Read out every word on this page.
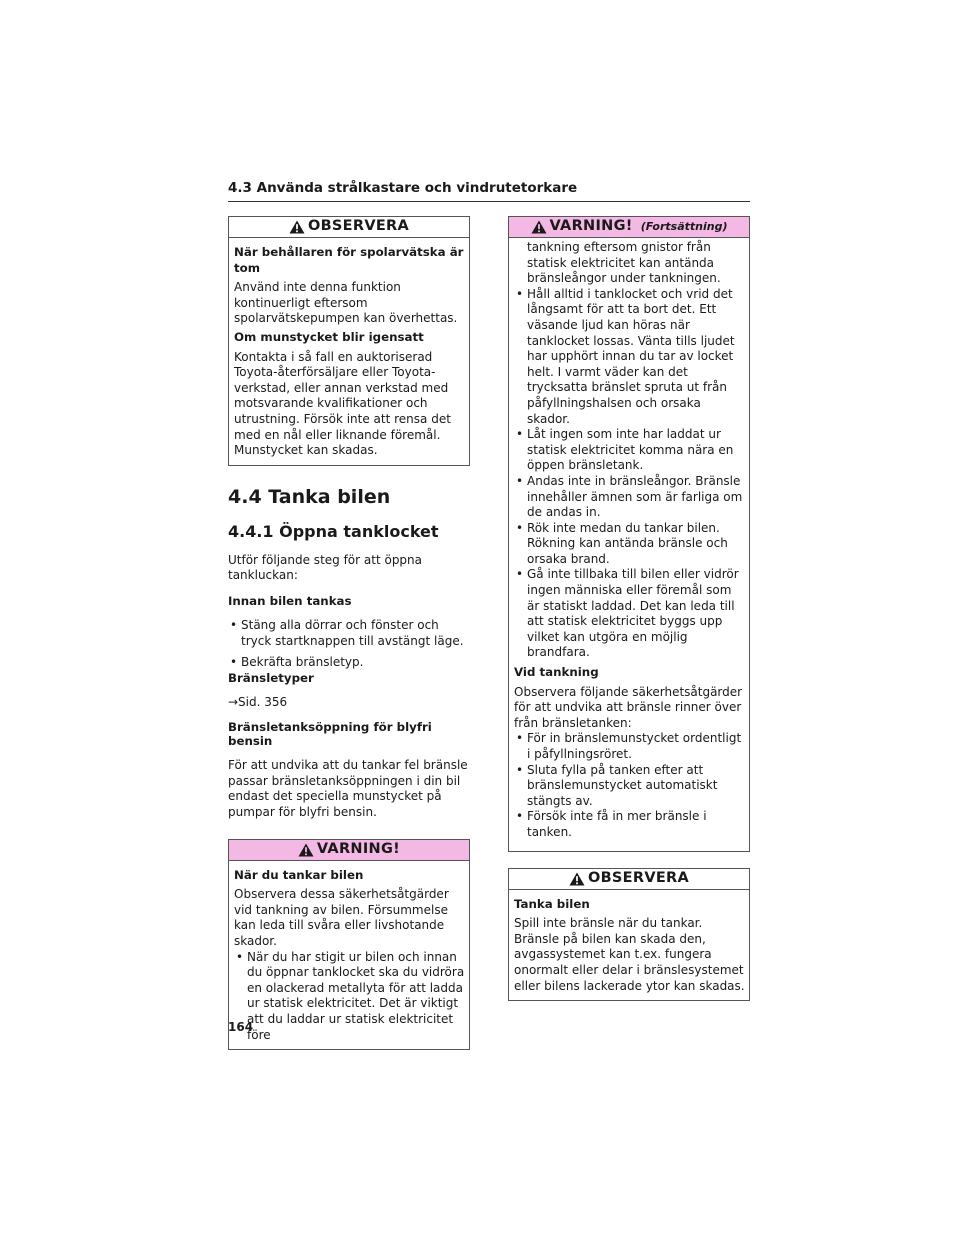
4.3 Använda strålkastare och vindrutetorkare
OBSERVERA

När behållaren för spolarvätska är tom

Använd inte denna funktion kontinuerligt eftersom spolarvätskepumpen kan överhettas.

Om munstycket blir igensatt

Kontakta i så fall en auktoriserad Toyota-återförsäljare eller Toyota-verkstad, eller annan verkstad med motsvarande kvalifikationer och utrustning. Försök inte att rensa det med en nål eller liknande föremål. Munstycket kan skadas.

4.4 Tanka bilen
4.4.1 Öppna tanklocket

Utför följande steg för att öppna tankluckan:

Innan bilen tankas

• Stäng alla dörrar och fönster och tryck startknappen till avstängt läge.
• Bekräfta bränsletyp.

Bränsletyper

→Sid. 356

Bränsletanksöppning för blyfri bensin

För att undvika att du tankar fel bränsle passar bränsletanksöppningen i din bil endast det speciella munstycket på pumpar för blyfri bensin.

VARNING!

När du tankar bilen

Observera dessa säkerhetsåtgärder vid tankning av bilen. Försummelse kan leda till svåra eller livshotande skador.

• När du har stigit ur bilen och innan du öppnar tanklocket ska du vidröra en olackerad metallyta för att ladda ur statisk elektricitet. Det är viktigt att du laddar ur statisk elektricitet före
VARNING! (Fortsättning)
tankning eftersom gnistor från statisk elektricitet kan antända bränsleångor under tankningen.
• Håll alltid i tanklocket och vrid det långsamt för att ta bort det. Ett väsande ljud kan höras när tanklocket lossas. Vänta tills ljudet har upphört innan du tar av locket helt. I varmt väder kan det trycksatta bränslet spruta ut från påfyllningshalsen och orsaka skador.
• Låt ingen som inte har laddat ur statisk elektricitet komma nära en öppen bränsletank.
• Andas inte in bränsleångor. Bränsle innehåller ämnen som är farliga om de andas in.
• Rök inte medan du tankar bilen. Rökning kan antända bränsle och orsaka brand.
• Gå inte tillbaka till bilen eller vidrör ingen människa eller föremål som är statiskt laddad. Det kan leda till att statisk elektricitet byggs upp vilket kan utgöra en möjlig brandfara.

Vid tankning

Observera följande säkerhetsåtgärder för att undvika att bränsle rinner över från bränsletanken:

• För in bränslemunstycket ordentligt i påfyllningsröret.
• Sluta fylla på tanken efter att bränslemunstycket automatiskt stängts av.
• Försök inte få in mer bränsle i tanken.
OBSERVERA

Tanka bilen

Spill inte bränsle när du tankar. Bränsle på bilen kan skada den, avgassystemet kan t.ex. fungera onormalt eller delar i bränslesystemet eller bilens lackerade ytor kan skadas.

164
